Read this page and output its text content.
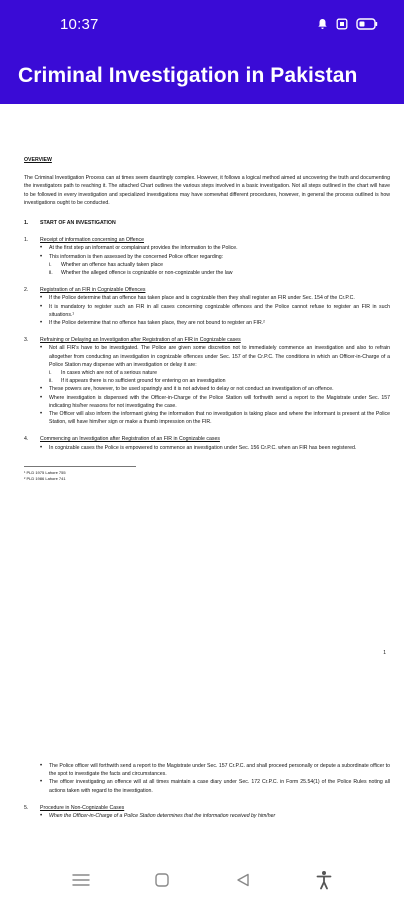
10:37
Criminal Investigation in Pakistan
OVERVIEW

The Criminal Investigation Process can at times seem dauntingly complex. However, it follows a logical method aimed at uncovering the truth and documenting the investigators path to reaching it. The attached Chart outlines the various steps involved in a basic investigation. Not all steps outlined in the chart will have to be followed in every investigation and specialized investigations may have somewhat different procedures, however, in general the process outlined is how investigations ought to be conducted.

1.	START OF AN INVESTIGATION
1.	Receipt of information concerning an Offence
• At the first step an informant or complainant provides the information to the Police.
• This information is then assessed by the concerned Police officer regarding:
i.	Whether an offence has actually taken place
ii.	Whether the alleged offence is cognizable or non-cognizable under the law
2.	Registration of an FIR in Cognizable Offences
• If the Police determine that an offence has taken place and is cognizable then they shall register an FIR under Sec. 154 of the Cr.P.C.
• It is mandatory to register such an FIR in all cases concerning cognizable offences and the Police cannot refuse to register an FIR in such situations.¹
• If the Police determine that no offence has taken place, they are not bound to register an FIR.²
3.	Refraining or Delaying an Investigation after Registration of an FIR in Cognizable cases
• Not all FIR's have to be investigated. The Police are given some discretion not to immediately commence an investigation and also to refrain altogether from conducting an investigation in cognizable offences under Sec. 157 of the Cr.P.C. The conditions in which an Officer-in-Charge of a Police Station may dispense with an investigation or delay it are:
i.	In cases which are not of a serious nature
ii.	If it appears there is no sufficient ground for entering on an investigation
• These powers are, however, to be used sparingly and it is not advised to delay or not conduct an investigation of an offence.
• Where investigation is dispensed with the Officer-in-Charge of the Police Station will forthwith send a report to the Magistrate under Sec. 157 indicating his/her reasons for not investigating the case.
• The Officer will also inform the informant giving the information that no investigation is taking place and where the informant is present at the Police Station, will have him/her sign or make a thumb impression on the FIR.
4.	Commencing an Investigation after Registration of an FIR in Cognizable cases
• In cognizable cases the Police is empowered to commence an investigation under Sec. 156 Cr.P.C. when an FIR has been registered.
¹ PLD 1975 Lahore 755
² PLD 1986 Lahore 741
1
• The Police officer will forthwith send a report to the Magistrate under Sec. 157 Cr.P.C. and shall proceed personally or depute a subordinate officer to the spot to investigate the facts and circumstances.
• The officer investigating an offence will at all times maintain a case diary under Sec. 172 Cr.P.C. in Form 25.54(1) of the Police Rules noting all actions taken with regard to the investigation.
5.	Procedure in Non-Cognizable Cases
• When the Officer-in-Charge of a Police Station determines that the information received by him/her
